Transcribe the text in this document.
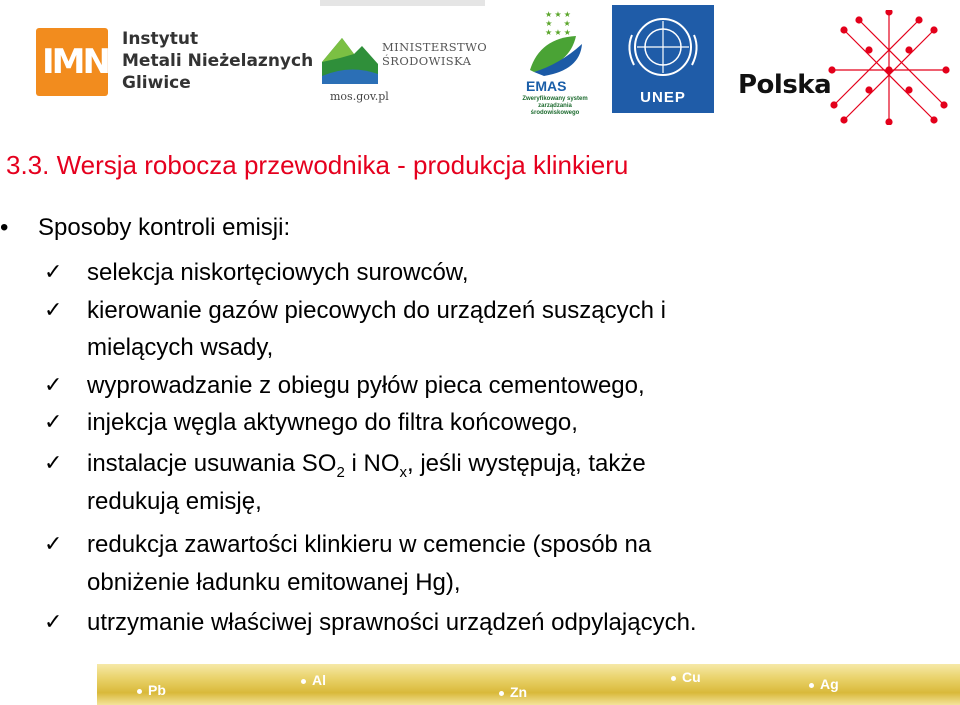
IMN
Instytut
Metali Nieżelaznych
Gliwice
MINISTERSTWO
ŚRODOWISKA
mos.gov.pl
★ ★ ★
★     ★
★ ★ ★
EMAS
Zweryfikowany system zarządzania środowiskowego
UNEP	Polska
3.3. Wersja robocza przewodnika - produkcja klinkieru
•	Sposoby kontroli emisji:
✓ selekcja niskortęciowych surowców,
✓ kierowanie gazów piecowych do urządzeń suszących i
mielących wsady,
✓ wyprowadzanie z obiegu pyłów pieca cementowego,
✓ injekcja węgla aktywnego do filtra końcowego,
✓ instalacje usuwania $SO_2$ i $NO_x$, jeśli występują, także
redukują emisję,
✓ redukcja zawartości klinkieru w cemencie (sposób na
obniżenie ładunku emitowanej Hg),
✓ utrzymanie właściwej sprawności urządzeń odpylających.
Pb
Al
Zn
Cu	Ag
